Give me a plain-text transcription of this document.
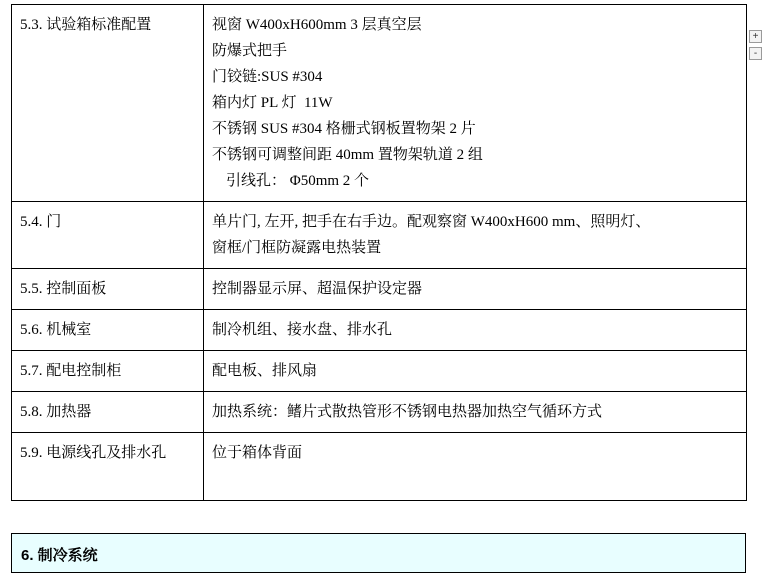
5.3. 试验箱标准配置	视窗 W400xH600mm 3 层真空层
防爆式把手
门铰链:SUS #304
箱内灯 PL 灯  11W
不锈钢 SUS #304 格栅式钢板置物架 2 片
不锈钢可调整间距 40mm 置物架轨道 2 组
引线孔： Φ50mm 2 个

5.4. 门	单片门, 左开, 把手在右手边。配观察窗 W400xH600 mm、照明灯、
窗框/门框防凝露电热装置

5.5. 控制面板	控制器显示屏、超温保护设定器

5.6. 机械室	制冷机组、接水盘、排水孔

5.7. 配电控制柜	配电板、排风扇

5.8. 加热器	加热系统：鳍片式散热管形不锈钢电热器加热空气循环方式

5.9. 电源线孔及排水孔	位于箱体背面
6. 制冷系统
+
-
